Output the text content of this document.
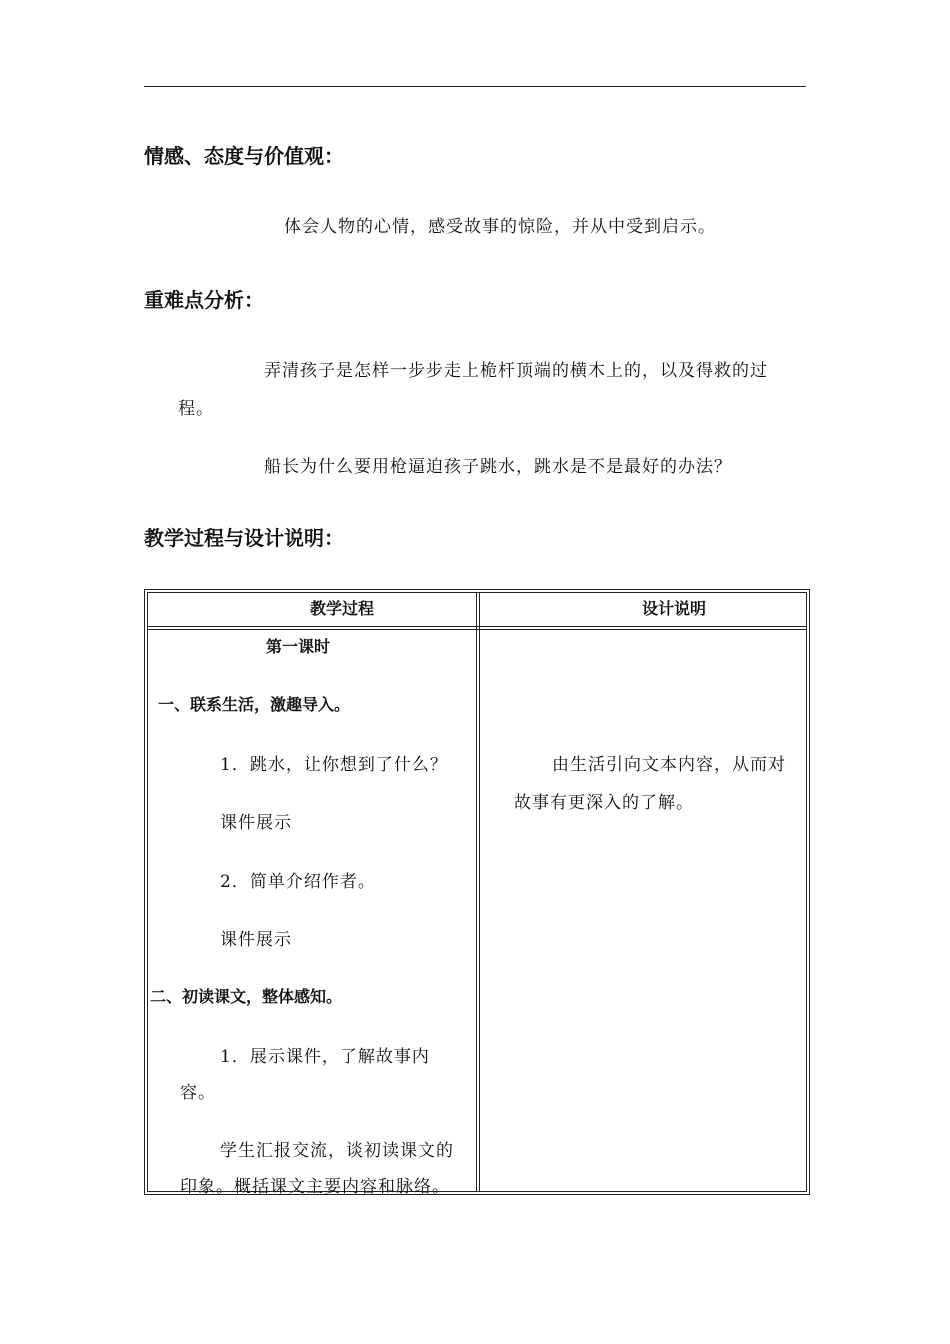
情感、态度与价值观：
体会人物的心情，感受故事的惊险，并从中受到启示。
重难点分析：
弄清孩子是怎样一步步走上桅杆顶端的横木上的，以及得救的过
程。
船长为什么要用枪逼迫孩子跳水，跳水是不是最好的办法？
教学过程与设计说明：
教学过程	设计说明
第一课时
一、联系生活，激趣导入。
1．跳水，让你想到了什么？
课件展示
2．简单介绍作者。
课件展示
二、初读课文，整体感知。
1．展示课件，了解故事内
容。
学生汇报交流，谈初读课文的
印象。概括课文主要内容和脉络。
由生活引向文本内容，从而对
故事有更深入的了解。
